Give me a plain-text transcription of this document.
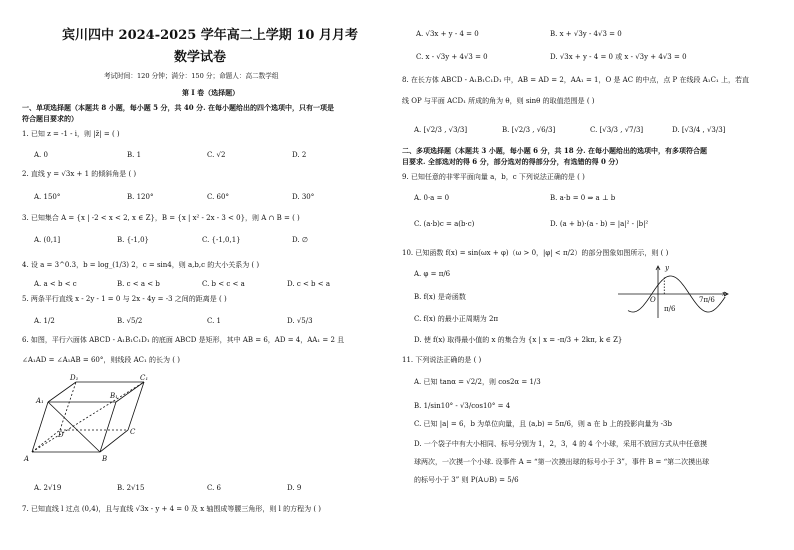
宾川四中 2024-2025 学年高二上学期 10 月月考
数学试卷
考试时间：120 分钟；满分：150 分；命题人：高二数学组
第 I 卷（选择题）
一、单项选择题（本题共 8 小题，每小题 5 分，共 40 分. 在每小题给出的四个选项中，只有一项是
符合题目要求的）
1. 已知 z = -1 - i，则 |z̄| = ( )
A. 0	B. 1	C. √2	D. 2
2. 直线 y = √3x + 1 的倾斜角是 ( )
A. 150°	B. 120°	C. 60°	D. 30°
3. 已知集合 A = {x | -2 < x < 2, x ∈ Z}，B = {x | x² - 2x - 3 < 0}，则 A ∩ B = ( )
A. (0,1]	B. {-1,0}	C. {-1,0,1}	D. ∅
4. 设 a = 3^0.3，b = log_(1/3) 2，c = sin4，则 a,b,c 的大小关系为 ( )
A. a < b < c	B. c < a < b	C. b < c < a	D. c < b < a
5. 两条平行直线 x - 2y - 1 = 0 与 2x - 4y = -3 之间的距离是 ( )
A. 1/2	B. √5/2	C. 1	D. √5/3
6. 如图，平行六面体 ABCD - A₁B₁C₁D₁ 的底面 ABCD 是矩形，其中 AB = 6，AD = 4，AA₁ = 2 且
∠A₁AD = ∠A₁AB = 60°，则线段 AC₁ 的长为 ( )
D₁	C₁
A₁
B₁
D	C
A	B
A. 2√19	B. 2√15	C. 6	D. 9
7. 已知直线 l 过点 (0,4)，且与直线 √3x - y + 4 = 0 及 x 轴围成等腰三角形，则 l 的方程为 ( )
A. √3x + y - 4 = 0	B. x + √3y - 4√3 = 0
C. x - √3y + 4√3 = 0	D. √3x + y - 4 = 0 或 x - √3y + 4√3 = 0
8. 在长方体 ABCD - A₁B₁C₁D₁ 中，AB = AD = 2，AA₁ = 1，O 是 AC 的中点，点 P 在线段 A₁C₁ 上，若直
线 OP 与平面 ACD₁ 所成的角为 θ，则 sinθ 的取值范围是 ( )
A. [√2/3 , √3/3]	B. [√2/3 , √6/3]	C. [√3/3 , √7/3]	D. [√3/4 , √3/3]
二、多项选择题（本题共 3 小题，每小题 6 分，共 18 分. 在每小题给出的选项中，有多项符合题
目要求. 全部选对的得 6 分，部分选对的得部分分，有选错的得 0 分）
9. 已知任意的非零平面向量 a，b，c 下列说法正确的是 ( )
A. 0·a = 0	B. a·b = 0 ⇒ a ⊥ b
C. (a·b)c = a(b·c)	D. (a + b)·(a - b) = |a|² - |b|²
10. 已知函数 f(x) = sin(ωx + φ)（ω > 0，|φ| < π/2）的部分图象如图所示，则 ( )
A. φ = π/6
B. f(x) 是奇函数
C. f(x) 的最小正周期为 2π
D. 使 f(x) 取得最小值的 x 的集合为 {x | x = -π/3 + 2kπ, k ∈ Z}
y
x
O
π/6
7π/6
11. 下列说法正确的是 ( )
A. 已知 tanα = √2/2，则 cos2α = 1/3
B. 1/sin10° - √3/cos10° = 4
C. 已知 |a| = 6，b 为单位向量，且 ⟨a,b⟩ = 5π/6，则 a 在 b 上的投影向量为 -3b
D. 一个袋子中有大小相同、标号分别为 1，2，3，4 的 4 个小球，采用不放回方式从中任意摸
球两次，一次摸一个小球. 设事件 A = “第一次摸出球的标号小于 3”，事件 B = “第二次摸出球
的标号小于 3” 则 P(A∪B) = 5/6
